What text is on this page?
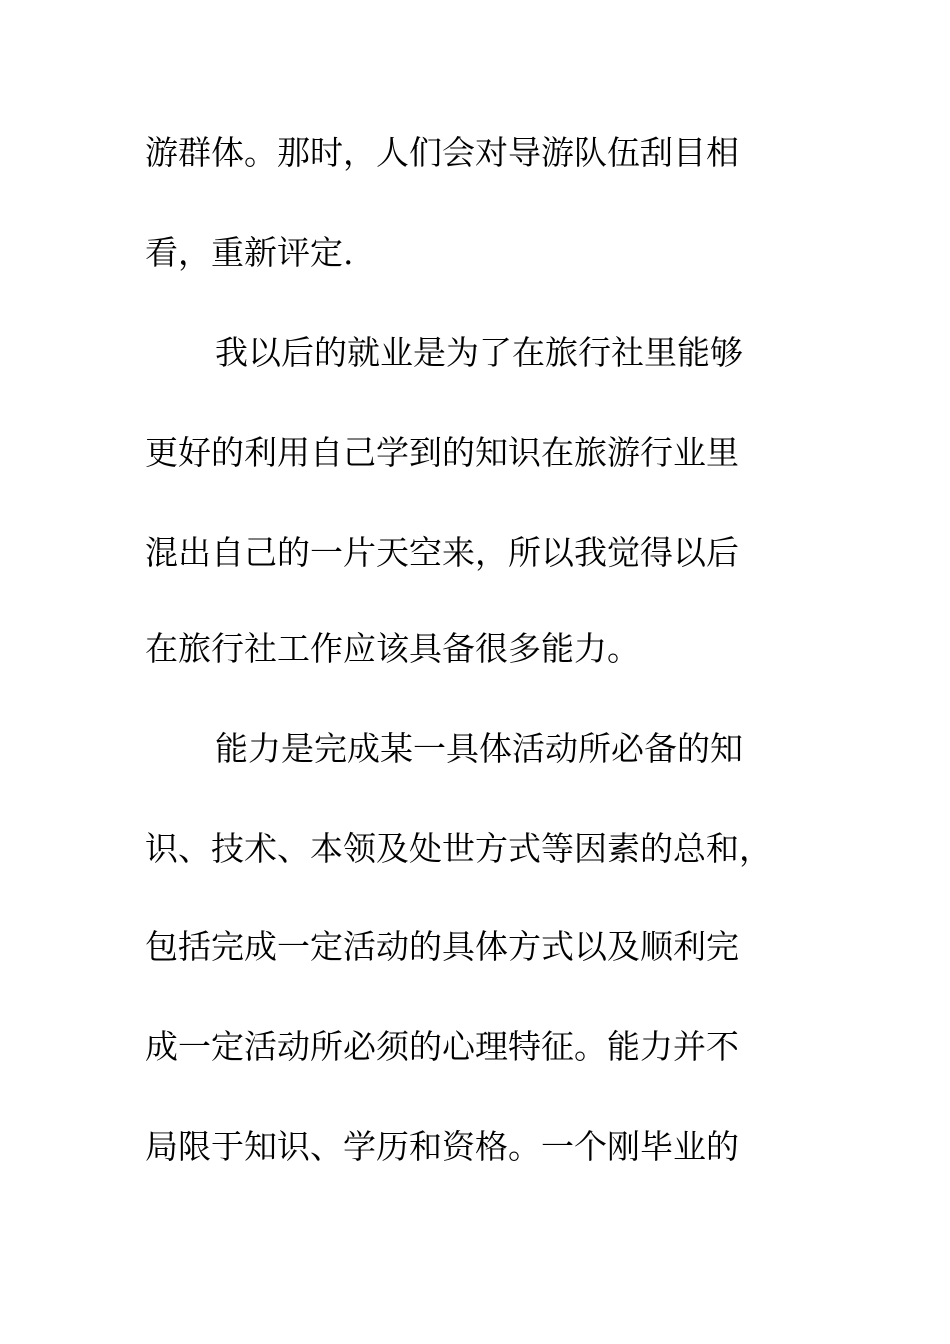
游群体。那时，人们会对导游队伍刮目相
看，重新评定.
我以后的就业是为了在旅行社里能够
更好的利用自己学到的知识在旅游行业里
混出自己的一片天空来，所以我觉得以后
在旅行社工作应该具备很多能力。
能力是完成某一具体活动所必备的知
识、技术、本领及处世方式等因素的总和，
包括完成一定活动的具体方式以及顺利完
成一定活动所必须的心理特征。能力并不
局限于知识、学历和资格。一个刚毕业的
